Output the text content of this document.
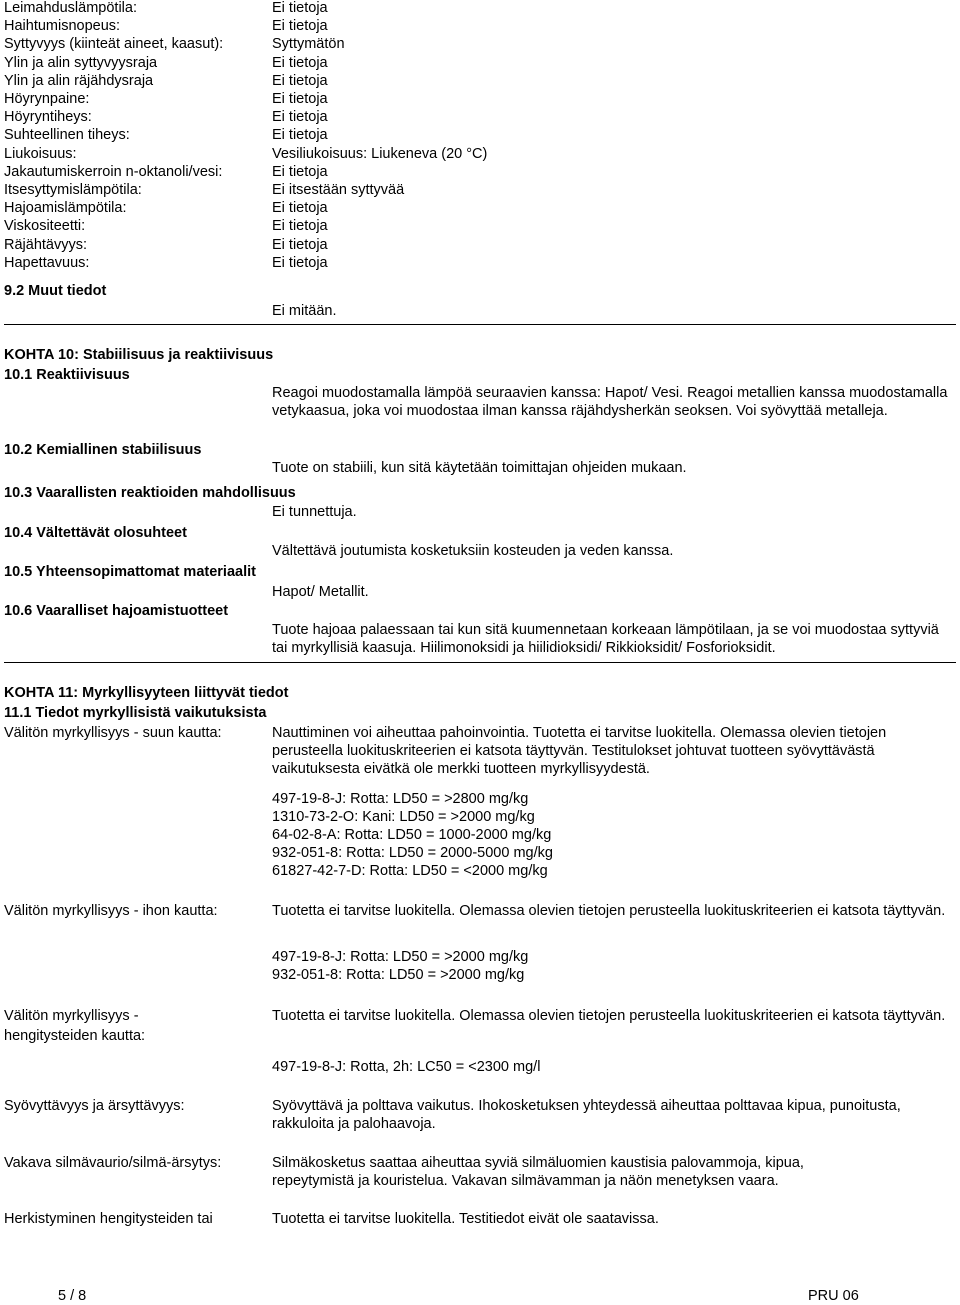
Leimahduslämpötila:	Ei tietoja
Haihtumisnopeus:	Ei tietoja
Syttyvyys (kiinteät aineet, kaasut):	Syttymätön
Ylin ja alin syttyvyysraja	Ei tietoja
Ylin ja alin räjähdysraja	Ei tietoja
Höyrynpaine:	Ei tietoja
Höyryntiheys:	Ei tietoja
Suhteellinen tiheys:	Ei tietoja
Liukoisuus:	Vesiliukoisuus: Liukeneva (20 °C)
Jakautumiskerroin n-oktanoli/vesi:	Ei tietoja
Itsesyttymislämpötila:	Ei itsestään syttyvää
Hajoamislämpötila:	Ei tietoja
Viskositeetti:	Ei tietoja
Räjähtävyys:	Ei tietoja
Hapettavuus:	Ei tietoja
9.2 Muut tiedot
Ei mitään.
KOHTA 10: Stabiilisuus ja reaktiivisuus
10.1 Reaktiivisuus
Reagoi muodostamalla lämpöä seuraavien kanssa: Hapot/ Vesi. Reagoi metallien kanssa muodostamalla vetykaasua, joka voi muodostaa ilman kanssa räjähdysherkän seoksen. Voi syövyttää metalleja.
10.2 Kemiallinen stabiilisuus
Tuote on stabiili, kun sitä käytetään toimittajan ohjeiden mukaan.
10.3 Vaarallisten reaktioiden mahdollisuus
Ei tunnettuja.
10.4 Vältettävät olosuhteet
Vältettävä joutumista kosketuksiin kosteuden ja veden kanssa.
10.5 Yhteensopimattomat materiaalit
Hapot/ Metallit.
10.6 Vaaralliset hajoamistuotteet
Tuote hajoaa palaessaan tai kun sitä kuumennetaan korkeaan lämpötilaan, ja se voi muodostaa syttyviä tai myrkyllisiä kaasuja. Hiilimonoksidi ja hiilidioksidi/ Rikkioksidit/ Fosforioksidit.
KOHTA 11: Myrkyllisyyteen liittyvät tiedot
11.1 Tiedot myrkyllisistä vaikutuksista
Välitön myrkyllisyys - suun kautta:	Nauttiminen voi aiheuttaa pahoinvointia. Tuotetta ei tarvitse luokitella. Olemassa olevien tietojen perusteella luokituskriteerien ei katsota täyttyvän. Testitulokset johtuvat tuotteen syövyttävästä vaikutuksesta eivätkä ole merkki tuotteen myrkyllisyydestä.
497-19-8-J: Rotta: LD50 = >2800 mg/kg
1310-73-2-O: Kani: LD50 = >2000 mg/kg
64-02-8-A: Rotta: LD50 = 1000-2000 mg/kg
932-051-8: Rotta: LD50 = 2000-5000 mg/kg
61827-42-7-D: Rotta: LD50 = <2000 mg/kg
Välitön myrkyllisyys - ihon kautta:	Tuotetta ei tarvitse luokitella. Olemassa olevien tietojen perusteella luokituskriteerien ei katsota täyttyvän.
497-19-8-J: Rotta: LD50 = >2000 mg/kg
932-051-8: Rotta: LD50 = >2000 mg/kg
Välitön myrkyllisyys -
hengitysteiden kautta:
Tuotetta ei tarvitse luokitella. Olemassa olevien tietojen perusteella luokituskriteerien ei katsota täyttyvän.
497-19-8-J: Rotta, 2h: LC50 = <2300 mg/l
Syövyttävyys ja ärsyttävyys:	Syövyttävä ja polttava vaikutus. Ihokosketuksen yhteydessä aiheuttaa polttavaa kipua, punoitusta, rakkuloita ja palohaavoja.
Vakava silmävaurio/silmä-ärsytys:	Silmäkosketus saattaa aiheuttaa syviä silmäluomien kaustisia palovammoja, kipua, repeytymistä ja kouristelua. Vakavan silmävamman ja näön menetyksen vaara.
Herkistyminen hengitysteiden tai	Tuotetta ei tarvitse luokitella. Testitiedot eivät ole saatavissa.
5 / 8	PRU 06
